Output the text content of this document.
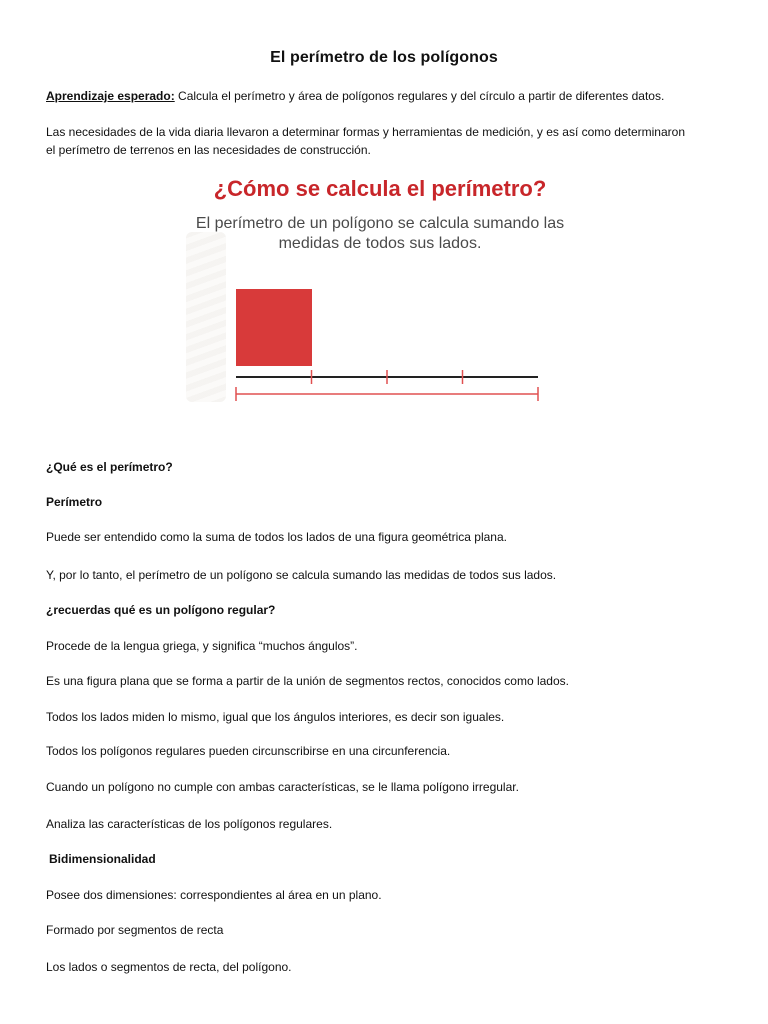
El perímetro de los polígonos
Aprendizaje esperado: Calcula el perímetro y área de polígonos regulares y del círculo a partir de diferentes datos.
Las necesidades de la vida diaria llevaron a determinar formas y herramientas de medición, y es así como determinaron
el perímetro de terrenos en las necesidades de construcción.
¿Cómo se calcula el perímetro?
El perímetro de un polígono se calcula sumando las
medidas de todos sus lados.
¿Qué es el perímetro?
Perímetro
Puede ser entendido como la suma de todos los lados de una figura geométrica plana.
Y, por lo tanto, el perímetro de un polígono se calcula sumando las medidas de todos sus lados.
¿recuerdas qué es un polígono regular?
Procede de la lengua griega, y significa “muchos ángulos”.
Es una figura plana que se forma a partir de la unión de segmentos rectos, conocidos como lados.
Todos los lados miden lo mismo, igual que los ángulos interiores, es decir son iguales.
Todos los polígonos regulares pueden circunscribirse en una circunferencia.
Cuando un polígono no cumple con ambas características, se le llama polígono irregular.
Analiza las características de los polígonos regulares.
Bidimensionalidad
Posee dos dimensiones: correspondientes al área en un plano.
Formado por segmentos de recta
Los lados o segmentos de recta, del polígono.
